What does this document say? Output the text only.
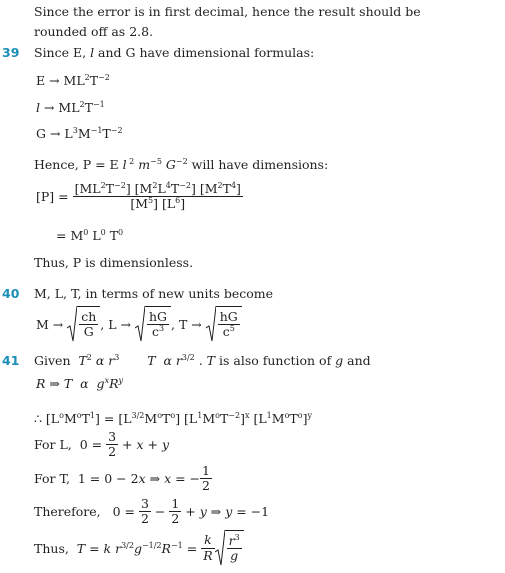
Since the error is in first decimal, hence the result should be
rounded off as 2.8.
39 Since E, l and G have dimensional formulas:
$E \to ML^2T^{-2}$
$l \to ML^2T^{-1}$
$G \to L^3M^{-1}T^{-2}$
Hence, P = E l $^2$ $m^{-5}$ $G^{-2}$ will have dimensions:
$[P] = \frac{[ML^2T^{-2}] [M^2L^4T^{-2}] [M^2T^4]}{[M^5] [L^6]}$
= $M^0$ $L^0$ $T^0$
Thus, P is dimensionless.
40 M, L, T, in terms of new units become
$M \to \frac{ch}{G}$ , $L \to \frac{hG}{c^3}$ , $T \to \frac{hG}{c^5}$
41 Given  $T^2$ α $r^3$ T α $r^{3/2}$ . T is also function of g and
R ⇒ T α $g^xR^y$
∴ $[L^oM^oT^1] = [L^{3/2}M^oT^o]$ $[L^1M^oT^{-2}]^x$ $[L^1M^oT^o]^y$
For L, $0 = \frac{3}{2} + x + y$
For T, 1 = 0 − 2x ⇒ x = − $\frac{1}{2}$
Therefore, $0 = \frac{3}{2} - \frac{1}{2} + y$ ⇒ y = −1
Thus, T = k $r^{3/2}g^{-1/2}R^{-1} = \frac{k}{R} \frac{r^3}{g}$
